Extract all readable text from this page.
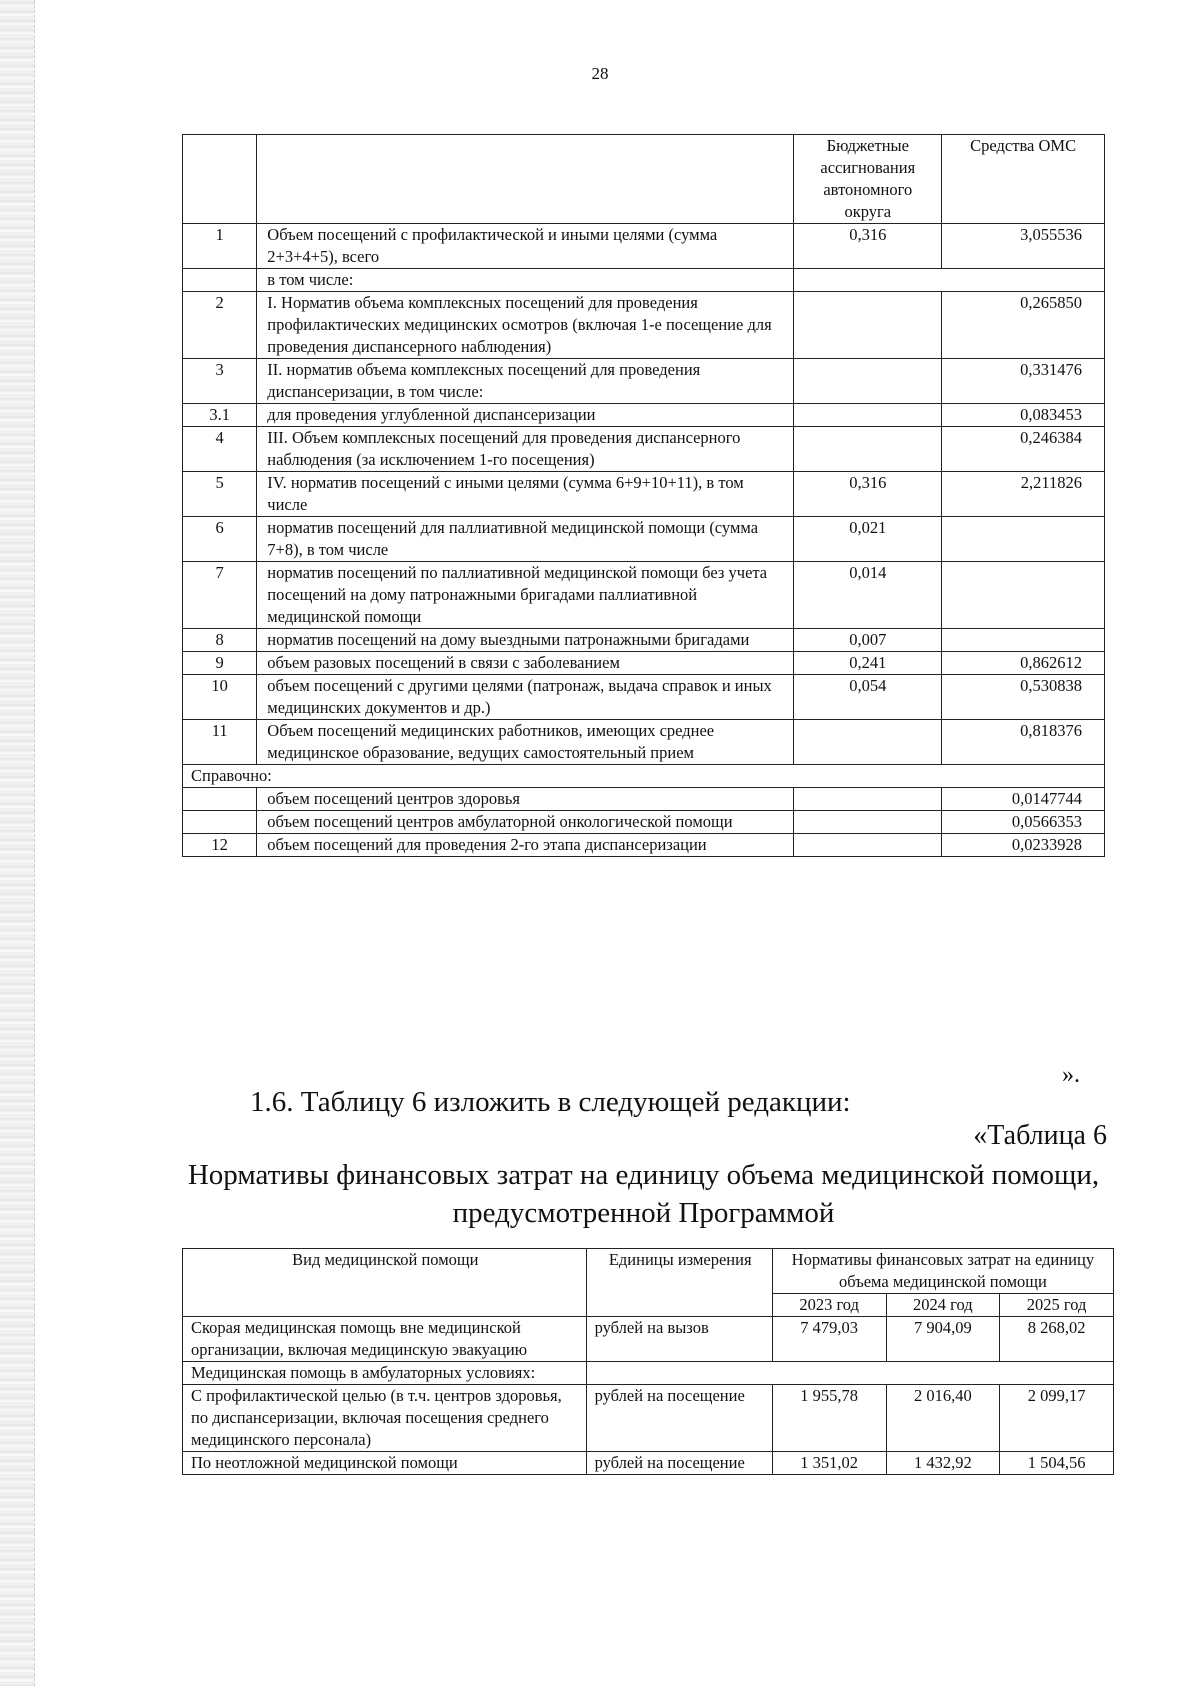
28
		Бюджетные ассигнования автономного округа	Средства ОМС
1	Объем посещений с профилактической и иными целями (сумма 2+3+4+5), всего	0,316	3,055536
	в том числе:		
2	I. Норматив объема комплексных посещений для проведения профилактических медицинских осмотров (включая 1-е посещение для проведения диспансерного наблюдения)		0,265850
3	II. норматив объема комплексных посещений для проведения диспансеризации, в том числе:		0,331476
3.1	для проведения углубленной диспансеризации		0,083453
4	III. Объем комплексных посещений для проведения диспансерного наблюдения (за исключением 1-го посещения)		0,246384
5	IV. норматив посещений с иными целями (сумма 6+9+10+11), в том числе	0,316	2,211826
6	норматив посещений для паллиативной медицинской помощи (сумма 7+8), в том числе	0,021	
7	норматив посещений по паллиативной медицинской помощи без учета посещений на дому патронажными бригадами паллиативной медицинской помощи	0,014	
8	норматив посещений на дому выездными патронажными бригадами	0,007	
9	объем разовых посещений в связи с заболеванием	0,241	0,862612
10	объем посещений с другими целями (патронаж, выдача справок и иных медицинских документов и др.)	0,054	0,530838
11	Объем посещений медицинских работников, имеющих среднее медицинское образование, ведущих самостоятельный прием		0,818376
Справочно:			
	объем посещений центров здоровья		0,0147744
	объем посещений центров амбулаторной онкологической помощи		0,0566353
12	объем посещений для проведения 2-го этапа диспансеризации		0,0233928
».
1.6. Таблицу 6 изложить в следующей редакции:
«Таблица 6
Нормативы финансовых затрат на единицу объема медицинской помощи,
предусмотренной Программой
Вид медицинской помощи	Единицы измерения	Нормативы финансовых затрат на единицу объема медицинской помощи		
		2023 год	2024 год	2025 год
Скорая медицинская помощь вне медицинской организации, включая медицинскую эвакуацию	рублей на вызов	7 479,03	7 904,09	8 268,02
Медицинская помощь в амбулаторных условиях:				
С профилактической целью (в т.ч. центров здоровья, по диспансеризации, включая посещения среднего медицинского персонала)	рублей на посещение	1 955,78	2 016,40	2 099,17
По неотложной медицинской помощи	рублей на посещение	1 351,02	1 432,92	1 504,56
